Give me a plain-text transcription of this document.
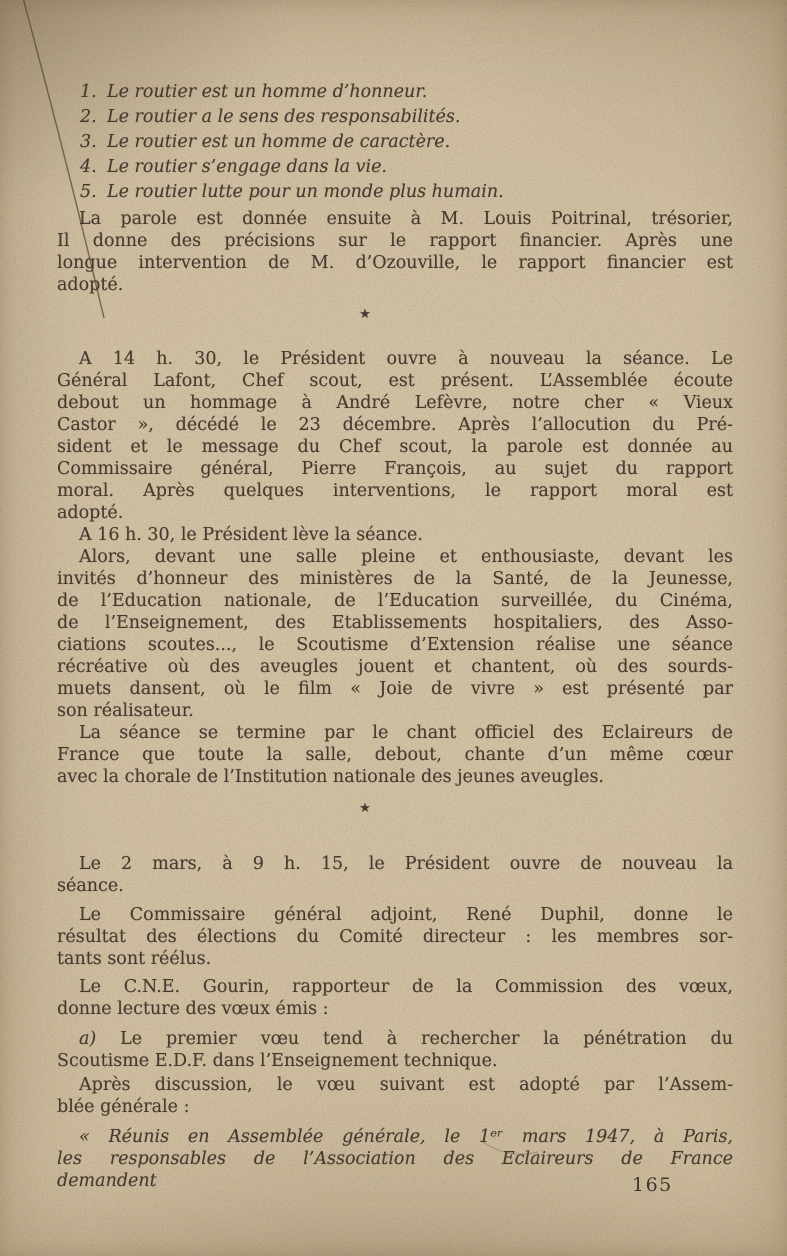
1. Le routier est un homme d’honneur.
2. Le routier a le sens des responsabilités.
3. Le routier est un homme de caractère.
4. Le routier s’engage dans la vie.
5. Le routier lutte pour un monde plus humain.
La parole est donnée ensuite à M. Louis Poitrinal, trésorier,
Il donne des précisions sur le rapport financier. Après une
longue intervention de M. d’Ozouville, le rapport financier est
adopté.
★
A 14 h. 30, le Président ouvre à nouveau la séance. Le
Général Lafont, Chef scout, est présent. L’Assemblée écoute
debout un hommage à André Lefèvre, notre cher « Vieux
Castor », décédé le 23 décembre. Après l’allocution du Pré-
sident et le message du Chef scout, la parole est donnée au
Commissaire général, Pierre François, au sujet du rapport
moral. Après quelques interventions, le rapport moral est
adopté.
A 16 h. 30, le Président lève la séance.
Alors, devant une salle pleine et enthousiaste, devant les
invités d’honneur des ministères de la Santé, de la Jeunesse,
de l’Education nationale, de l’Education surveillée, du Cinéma,
de l’Enseignement, des Etablissements hospitaliers, des Asso-
ciations scoutes..., le Scoutisme d’Extension réalise une séance
récréative où des aveugles jouent et chantent, où des sourds-
muets dansent, où le film « Joie de vivre » est présenté par
son réalisateur.
La séance se termine par le chant officiel des Eclaireurs de
France que toute la salle, debout, chante d’un même cœur
avec la chorale de l’Institution nationale des jeunes aveugles.
★
Le 2 mars, à 9 h. 15, le Président ouvre de nouveau la
séance.
Le Commissaire général adjoint, René Duphil, donne le
résultat des élections du Comité directeur : les membres sor-
tants sont réélus.
Le C.N.E. Gourin, rapporteur de la Commission des vœux,
donne lecture des vœux émis :
a) Le premier vœu tend à rechercher la pénétration du
Scoutisme E.D.F. dans l’Enseignement technique.
Après discussion, le vœu suivant est adopté par l’Assem-
blée générale :
« Réunis en Assemblée générale, le 1ᵉʳ mars 1947, à Paris,
les responsables de l’Association des Eclaireurs de France
demandent	165
